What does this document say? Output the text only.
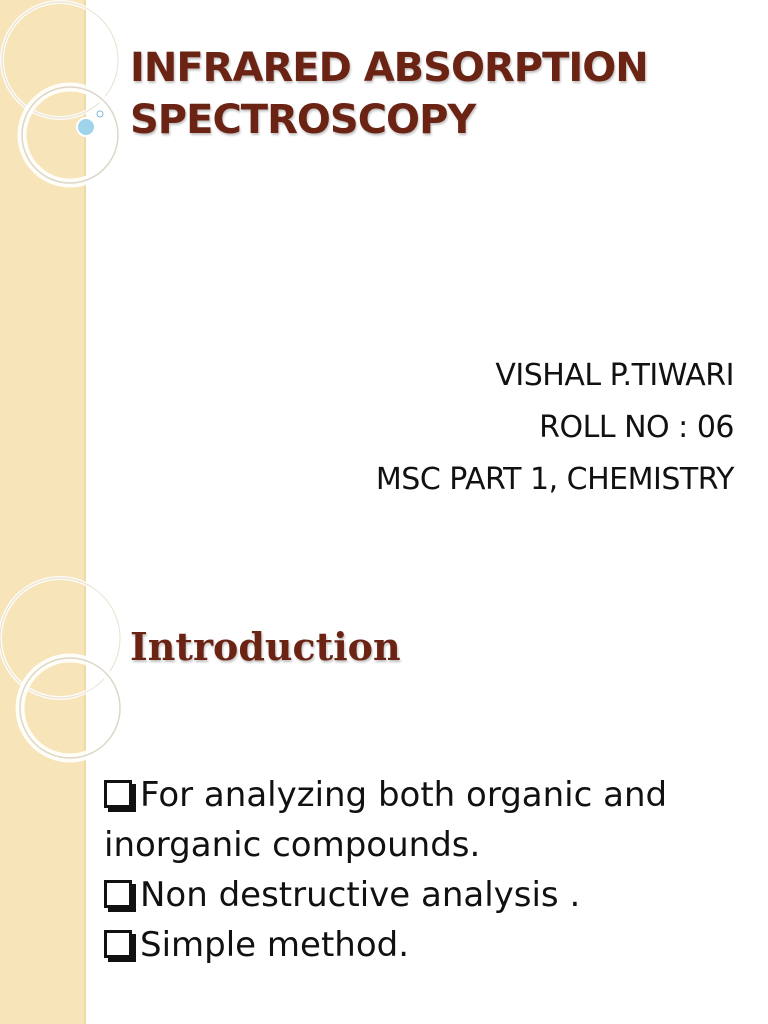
INFRARED ABSORPTION
SPECTROSCOPY
VISHAL P.TIWARI
ROLL NO : 06
MSC PART 1, CHEMISTRY
Introduction
For analyzing both organic and inorganic compounds.
Non destructive analysis .
Simple method.
